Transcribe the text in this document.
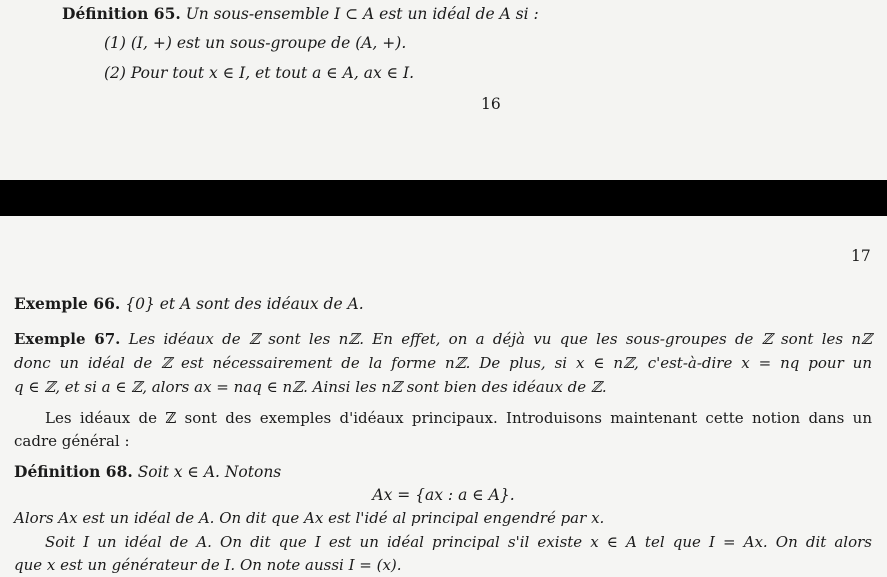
Définition 65. Un sous-ensemble I ⊂ A est un idéal de A si :
(1) (I, +) est un sous-groupe de (A, +).
(2) Pour tout x ∈ I, et tout a ∈ A, ax ∈ I.
16
17
Exemple 66. {0} et A sont des idéaux de A.
Exemple 67. Les idéaux de ℤ sont les nℤ. En effet, on a déjà vu que les sous-groupes de ℤ sont les nℤ
donc un idéal de ℤ est nécessairement de la forme nℤ. De plus, si x ∈ nℤ, c'est-à-dire x = nq pour un
q ∈ ℤ, et si a ∈ ℤ, alors ax = naq ∈ nℤ. Ainsi les nℤ sont bien des idéaux de ℤ.
Les idéaux de ℤ sont des exemples d'idéaux principaux. Introduisons maintenant cette notion dans un
cadre général :
Définition 68. Soit x ∈ A. Notons
Ax = {ax : a ∈ A}.
Alors Ax est un idéal de A. On dit que Ax est l'idé al principal engendré par x.
Soit I un idéal de A. On dit que I est un idéal principal s'il existe x ∈ A tel que I = Ax. On dit alors
que x est un générateur de I. On note aussi I = (x).
